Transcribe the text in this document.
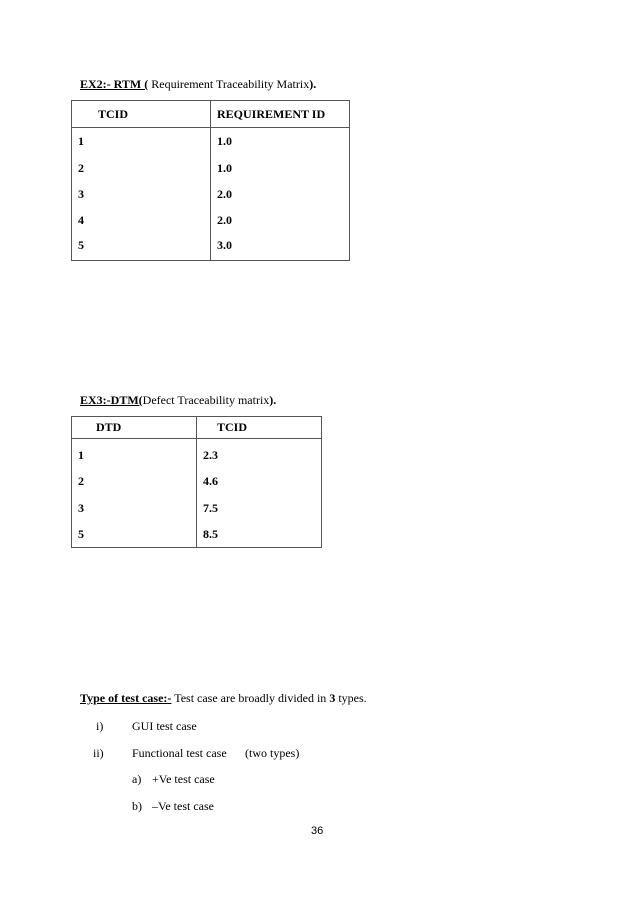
EX2:- RTM ( Requirement Traceability Matrix).
TCID	REQUIREMENT ID
1	1.0
2	1.0
3	2.0
4	2.0
5	3.0
EX3:-DTM(Defect Traceability matrix).
DTD	TCID
1	2.3
2	4.6
3	7.5
5	8.5
Type of test case:- Test case are broadly divided in 3 types.
i) GUI test case
ii) Functional test case (two types)
a) +Ve test case
b) –Ve test case
36
